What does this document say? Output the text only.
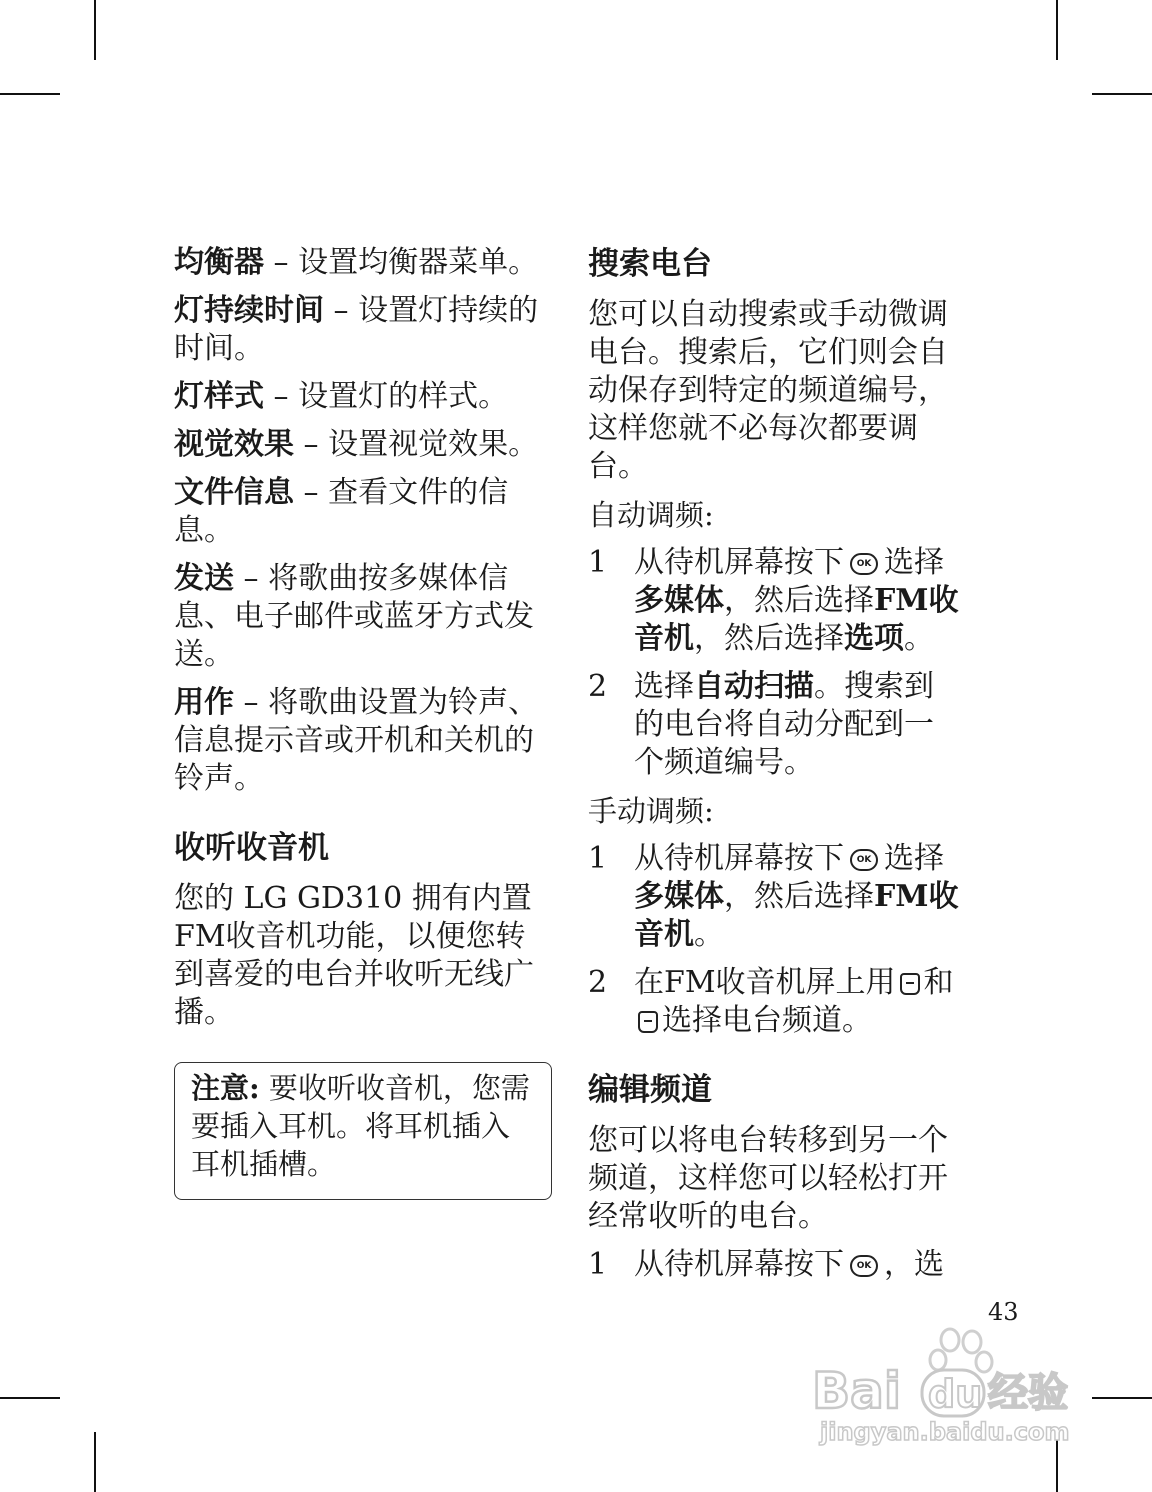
均衡器 – 设置均衡器菜单。
灯持续时间 – 设置灯持续的时间。
灯样式 – 设置灯的样式。
视觉效果 – 设置视觉效果。
文件信息 – 查看文件的信息。
发送 – 将歌曲按多媒体信息、电子邮件或蓝牙方式发送。
用作 – 将歌曲设置为铃声、信息提示音或开机和关机的铃声。
收听收音机
您的 LG GD310 拥有内置FM收音机功能，以便您转到喜爱的电台并收听无线广播。
注意: 要收听收音机，您需要插入耳机。将耳机插入耳机插槽。
搜索电台
您可以自动搜索或手动微调电台。搜索后，它们则会自动保存到特定的频道编号，这样您就不必每次都要调台。
自动调频:
1 从待机屏幕按下 OK 选择多媒体，然后选择FM收音机，然后选择选项。
2 选择自动扫描。搜索到的电台将自动分配到一个频道编号。
手动调频:
1 从待机屏幕按下 OK 选择多媒体，然后选择FM收音机。
2 在FM收音机屏上用 和选择电台频道。
编辑频道
您可以将电台转移到另一个频道，这样您可以轻松打开经常收听的电台。
1 从待机屏幕按下 OK ，选
43
Bai du 经验
jingyan.baidu.com
